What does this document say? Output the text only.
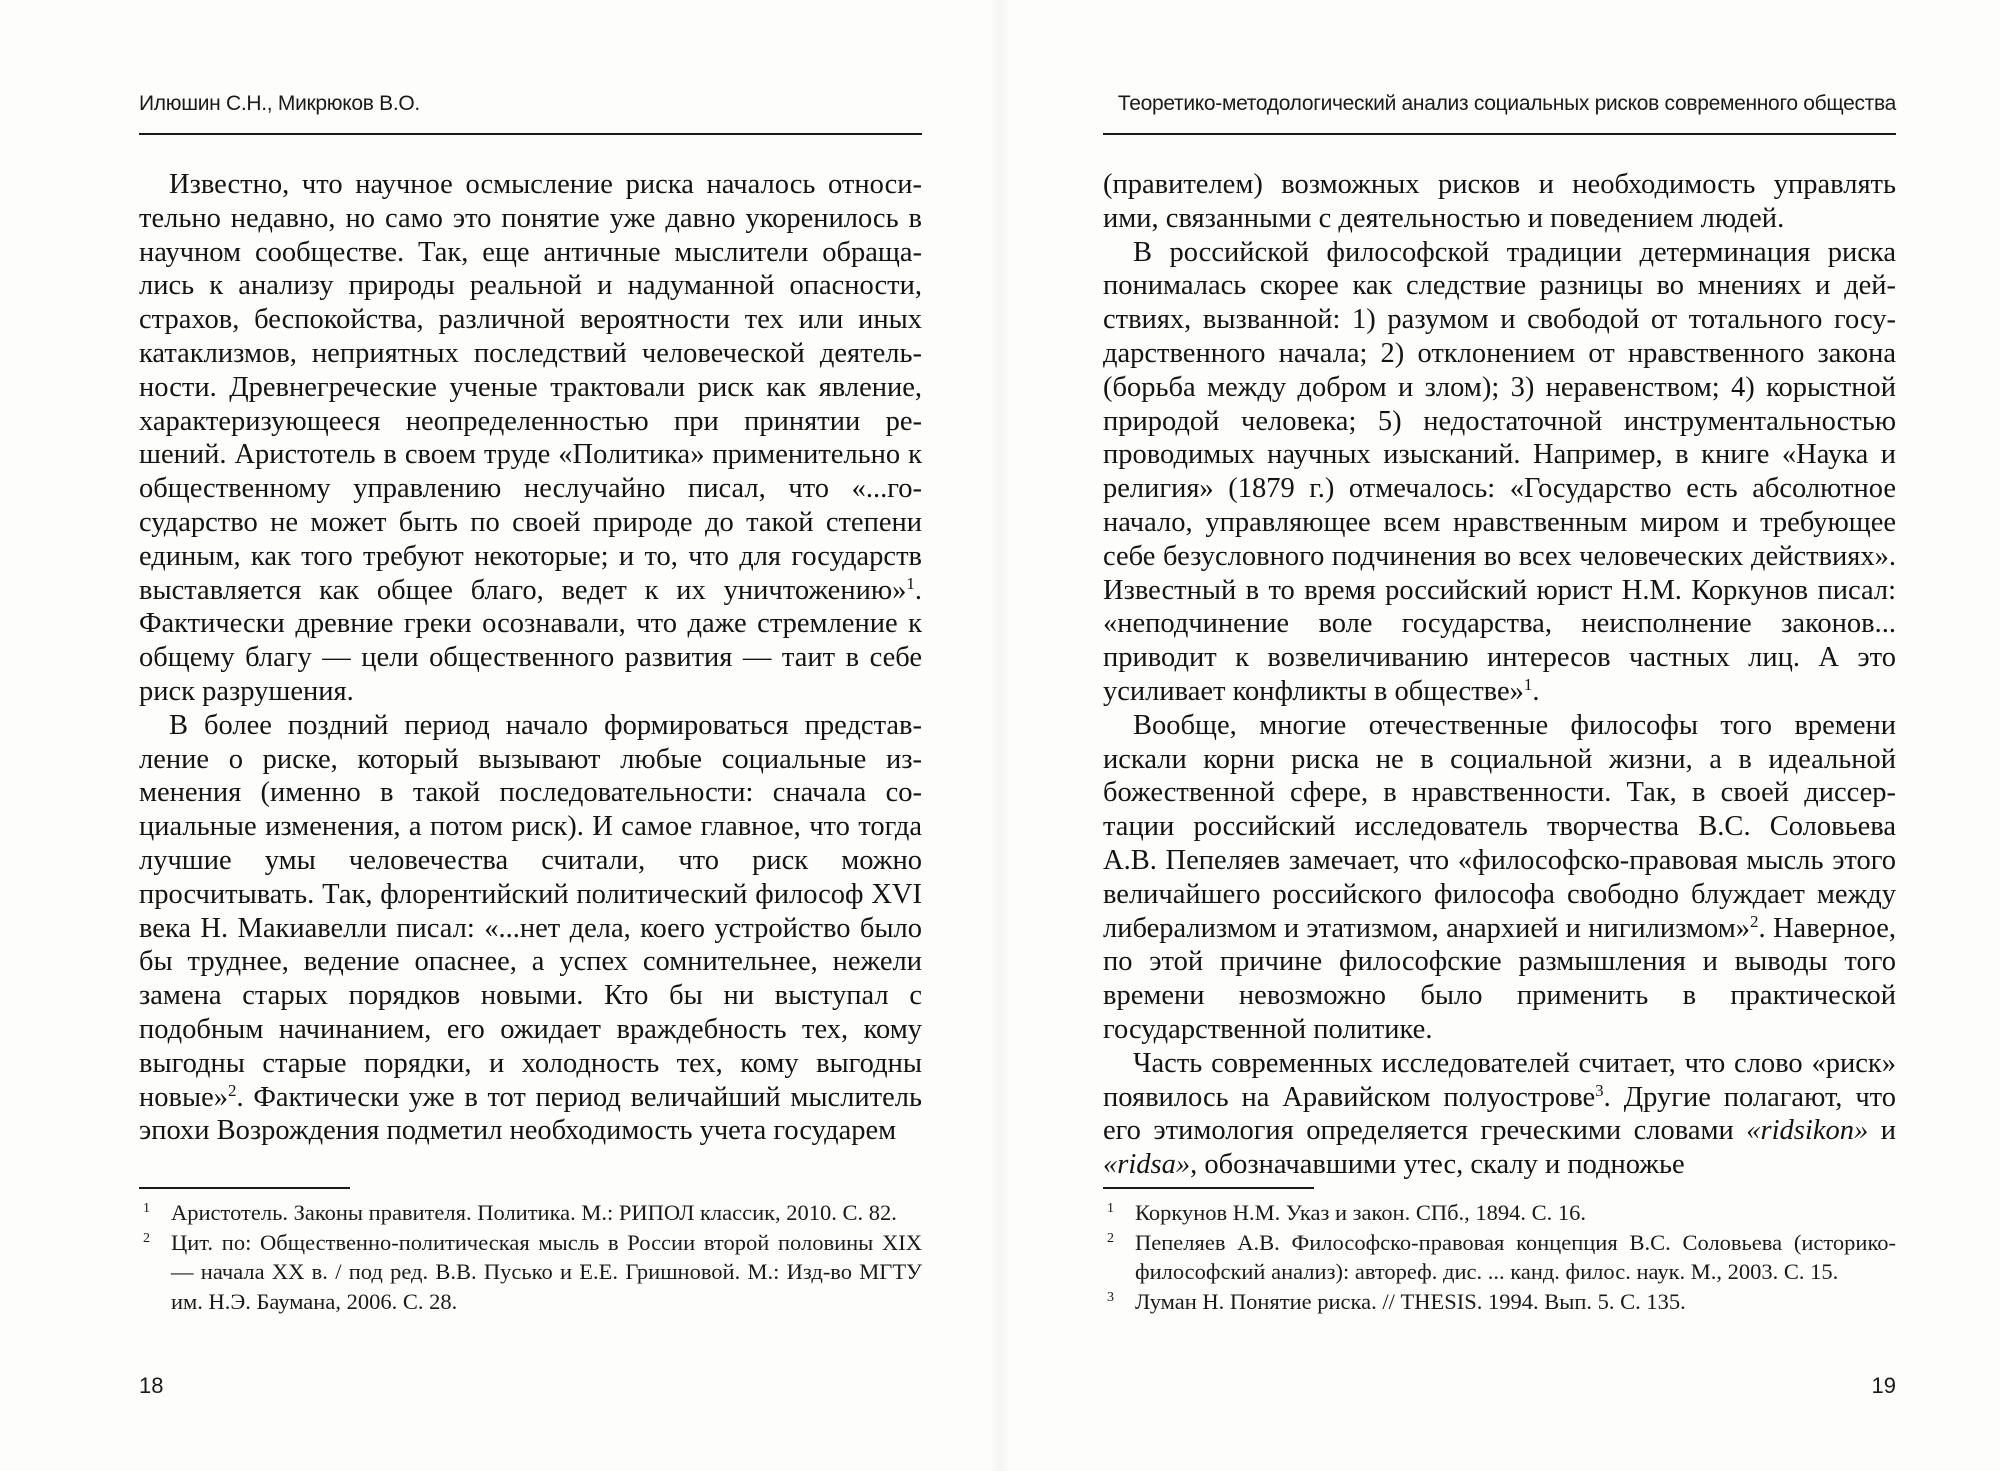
Илюшин С.Н., Микрюков В.О.

Известно, что научное осмысление риска началось относительно недавно, но само это понятие уже давно укоренилось в научном сообществе. Так, еще античные мыслители обращались к анализу природы реальной и надуманной опасности, страхов, беспокойства, различной вероятности тех или иных катаклизмов, неприятных последствий человеческой деятельности. Древнегреческие ученые трактовали риск как явление, характеризующееся неопределенностью при принятии решений. Аристотель в своем труде «Политика» применительно к общественному управлению неслучайно писал, что «...государство не может быть по своей природе до такой степени единым, как того требуют некоторые; и то, что для государств выставляется как общее благо, ведет к их уничтожению»$^1$. Фактически древние греки осознавали, что даже стремление к общему благу — цели общественного развития — таит в себе риск разрушения.

В более поздний период начало формироваться представление о риске, который вызывают любые социальные изменения (именно в такой последовательности: сначала социальные изменения, а потом риск). И самое главное, что тогда лучшие умы человечества считали, что риск можно просчитывать. Так, флорентийский политический философ XVI века Н. Макиавелли писал: «...нет дела, коего устройство было бы труднее, ведение опаснее, а успех сомнительнее, нежели замена старых порядков новыми. Кто бы ни выступал с подобным начинанием, его ожидает враждебность тех, кому выгодны старые порядки, и холодность тех, кому выгодны новые»$^2$. Фактически уже в тот период величайший мыслитель эпохи Возрождения подметил необходимость учета государем

1 Аристотель. Законы правителя. Политика. М.: РИПОЛ классик, 2010. С. 82.

2 Цит. по: Общественно-политическая мысль в России второй половины XIX — начала XX в. / под ред. В.В. Пусько и Е.Е. Гришновой. М.: Изд-во МГТУ им. Н.Э. Баумана, 2006. С. 28.

18
Теоретико-методологический анализ социальных рисков современного общества

(правителем) возможных рисков и необходимость управлять ими, связанными с деятельностью и поведением людей.

В российской философской традиции детерминация риска понималась скорее как следствие разницы во мнениях и действиях, вызванной: 1) разумом и свободой от тотального государственного начала; 2) отклонением от нравственного закона (борьба между добром и злом); 3) неравенством; 4) корыстной природой человека; 5) недостаточной инструментальностью проводимых научных изысканий. Например, в книге «Наука и религия» (1879 г.) отмечалось: «Государство есть абсолютное начало, управляющее всем нравственным миром и требующее себе безусловного подчинения во всех человеческих действиях». Известный в то время российский юрист Н.М. Коркунов писал: «неподчинение воле государства, неисполнение законов... приводит к возвеличиванию интересов частных лиц. А это усиливает конфликты в обществе»$^1$.

Вообще, многие отечественные философы того времени искали корни риска не в социальной жизни, а в идеальной божественной сфере, в нравственности. Так, в своей диссертации российский исследователь творчества В.С. Соловьева А.В. Пепеляев замечает, что «философско-правовая мысль этого величайшего российского философа свободно блуждает между либерализмом и этатизмом, анархией и нигилизмом»$^2$. Наверное, по этой причине философские размышления и выводы того времени невозможно было применить в практической государственной политике.

Часть современных исследователей считает, что слово «риск» появилось на Аравийском полуострове$^3$. Другие полагают, что его этимология определяется греческими словами «ridsikon» и «ridsa», обозначавшими утес, скалу и подножье

1 Коркунов Н.М. Указ и закон. СПб., 1894. С. 16.

2 Пепеляев А.В. Философско-правовая концепция В.С. Соловьева (историко-философский анализ): автореф. дис. ... канд. филос. наук. М., 2003. С. 15.

3 Луман Н. Понятие риска. // THESIS. 1994. Вып. 5. С. 135.

19
